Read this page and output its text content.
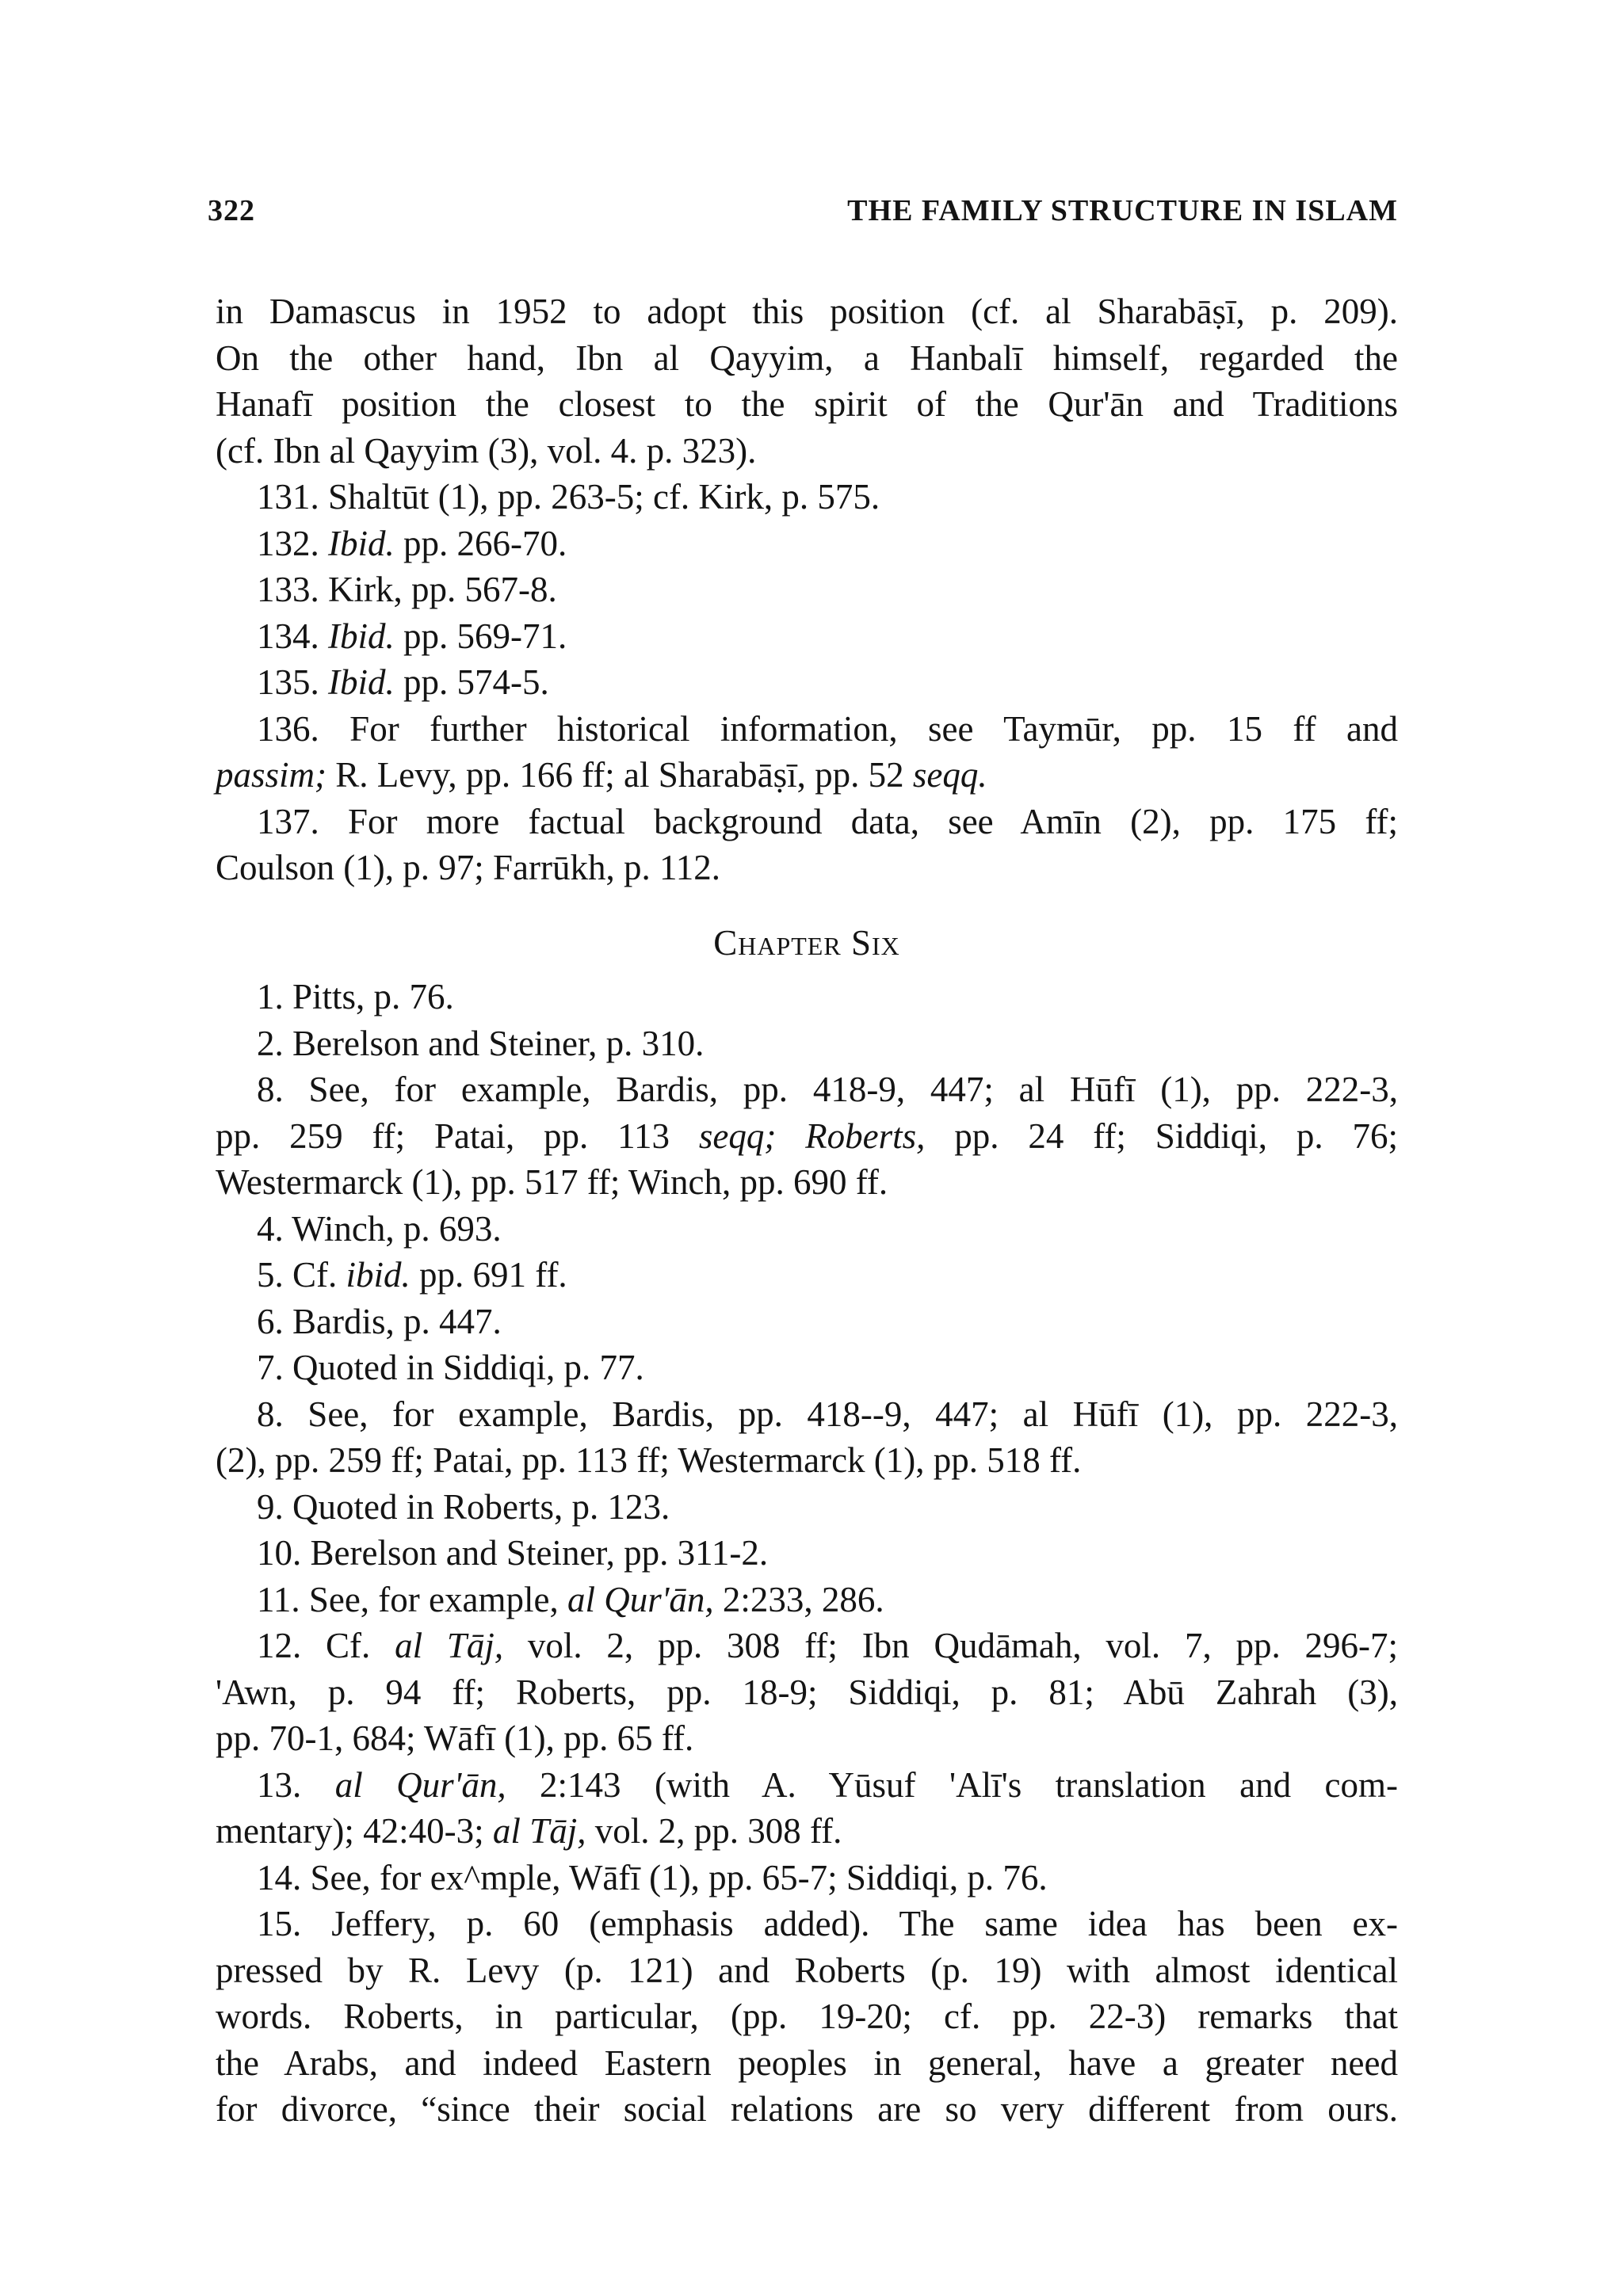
322	THE FAMILY STRUCTURE IN ISLAM
in Damascus in 1952 to adopt this position (cf. al Sharabāṣī, p. 209).
On the other hand, Ibn al Qayyim, a Hanbalī himself, regarded the
Hanafī position the closest to the spirit of the Qur'ān and Traditions
(cf. Ibn al Qayyim (3), vol. 4. p. 323).
131. Shaltūt (1), pp. 263-5; cf. Kirk, p. 575.
132. Ibid. pp. 266-70.
133. Kirk, pp. 567-8.
134. Ibid. pp. 569-71.
135. Ibid. pp. 574-5.
136. For further historical information, see Taymūr, pp. 15 ff and
passim; R. Levy, pp. 166 ff; al Sharabāṣī, pp. 52 seqq.
137. For more factual background data, see Amīn (2), pp. 175 ff;
Coulson (1), p. 97; Farrūkh, p. 112.
Chapter Six
1. Pitts, p. 76.
2. Berelson and Steiner, p. 310.
8. See, for example, Bardis, pp. 418-9, 447; al Hūfī (1), pp. 222-3,
pp. 259 ff; Patai, pp. 113 seqq; Roberts, pp. 24 ff; Siddiqi, p. 76;
Westermarck (1), pp. 517 ff; Winch, pp. 690 ff.
4. Winch, p. 693.
5. Cf. ibid. pp. 691 ff.
6. Bardis, p. 447.
7. Quoted in Siddiqi, p. 77.
8. See, for example, Bardis, pp. 418--9, 447; al Hūfī (1), pp. 222-3,
(2), pp. 259 ff; Patai, pp. 113 ff; Westermarck (1), pp. 518 ff.
9. Quoted in Roberts, p. 123.
10. Berelson and Steiner, pp. 311-2.
11. See, for example, al Qur'ān, 2:233, 286.
12. Cf. al Tāj, vol. 2, pp. 308 ff; Ibn Qudāmah, vol. 7, pp. 296-7;
'Awn, p. 94 ff; Roberts, pp. 18-9; Siddiqi, p. 81; Abū Zahrah (3),
pp. 70-1, 684; Wāfī (1), pp. 65 ff.
13. al Qur'ān, 2:143 (with A. Yūsuf 'Alī's translation and com-
mentary); 42:40-3; al Tāj, vol. 2, pp. 308 ff.
14. See, for ex^mple, Wāfī (1), pp. 65-7; Siddiqi, p. 76.
15. Jeffery, p. 60 (emphasis added). The same idea has been ex-
pressed by R. Levy (p. 121) and Roberts (p. 19) with almost identical
words. Roberts, in particular, (pp. 19-20; cf. pp. 22-3) remarks that
the Arabs, and indeed Eastern peoples in general, have a greater need
for divorce, “since their social relations are so very different from ours.
